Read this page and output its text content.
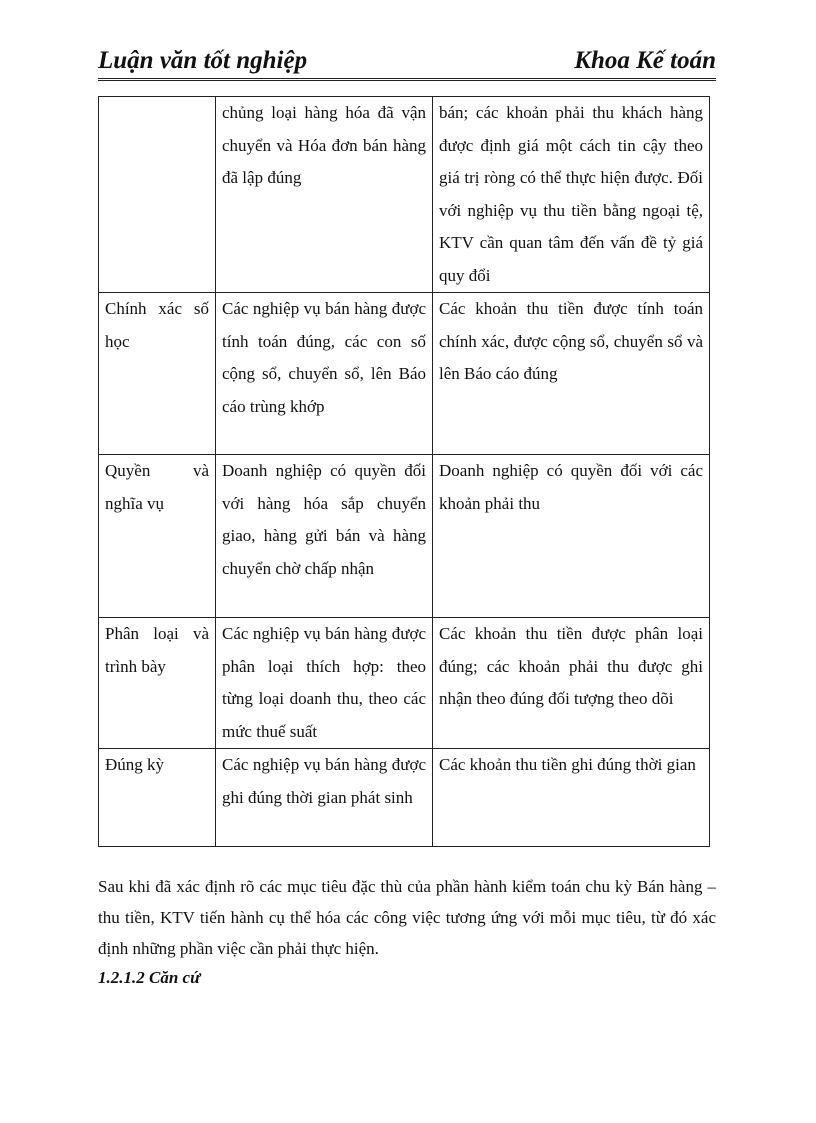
Luận văn tốt nghiệp	Khoa Kế toán
	chủng loại hàng hóa đã vận chuyển và Hóa đơn bán hàng đã lập đúng	bán; các khoản phải thu khách hàng được định giá một cách tin cậy theo giá trị ròng có thể thực hiện được. Đối với nghiệp vụ thu tiền bằng ngoại tệ, KTV cần quan tâm đến vấn đề tỷ giá quy đổi
Chính xác số học	Các nghiệp vụ bán hàng được tính toán đúng, các con số cộng sổ, chuyển sổ, lên Báo cáo trùng khớp	Các khoản thu tiền được tính toán chính xác, được cộng sổ, chuyển sổ và lên Báo cáo đúng
Quyền và nghĩa vụ	Doanh nghiệp có quyền đối với hàng hóa sắp chuyển giao, hàng gửi bán và hàng chuyển chờ chấp nhận	Doanh nghiệp có quyền đối với các khoản phải thu
Phân loại và trình bày	Các nghiệp vụ bán hàng được phân loại thích hợp: theo từng loại doanh thu, theo các mức thuế suất	Các khoản thu tiền được phân loại đúng; các khoản phải thu được ghi nhận theo đúng đối tượng theo dõi
Đúng kỳ	Các nghiệp vụ bán hàng được ghi đúng thời gian phát sinh	Các khoản thu tiền ghi đúng thời gian

Sau khi đã xác định rõ các mục tiêu đặc thù của phần hành kiểm toán chu kỳ Bán hàng – thu tiền, KTV tiến hành cụ thể hóa các công việc tương ứng với mỗi mục tiêu, từ đó xác định những phần việc cần phải thực hiện.

1.2.1.2 Căn cứ
